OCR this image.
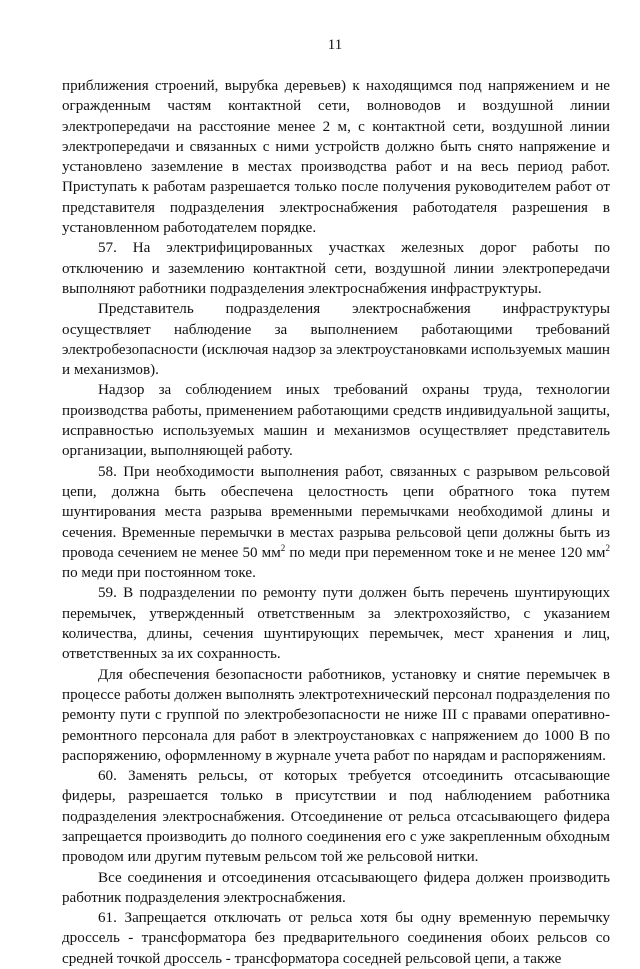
11

приближения строений, вырубка деревьев) к находящимся под напряжением и не огражденным частям контактной сети, волноводов и воздушной линии электропередачи на расстояние менее 2 м, с контактной сети, воздушной линии электропередачи и связанных с ними устройств должно быть снято напряжение и установлено заземление в местах производства работ и на весь период работ. Приступать к работам разрешается только после получения руководителем работ от представителя подразделения электроснабжения работодателя разрешения в установленном работодателем порядке.

57. На электрифицированных участках железных дорог работы по отключению и заземлению контактной сети, воздушной линии электропередачи выполняют работники подразделения электроснабжения инфраструктуры.

Представитель подразделения электроснабжения инфраструктуры осуществляет наблюдение за выполнением работающими требований электробезопасности (исключая надзор за электроустановками используемых машин и механизмов).

Надзор за соблюдением иных требований охраны труда, технологии производства работы, применением работающими средств индивидуальной защиты, исправностью используемых машин и механизмов осуществляет представитель организации, выполняющей работу.

58. При необходимости выполнения работ, связанных с разрывом рельсовой цепи, должна быть обеспечена целостность цепи обратного тока путем шунтирования места разрыва временными перемычками необходимой длины и сечения. Временные перемычки в местах разрыва рельсовой цепи должны быть из провода сечением не менее 50 $мм^2$ по меди при переменном токе и не менее 120 $мм^2$ по меди при постоянном токе.

59. В подразделении по ремонту пути должен быть перечень шунтирующих перемычек, утвержденный ответственным за электрохозяйство, с указанием количества, длины, сечения шунтирующих перемычек, мест хранения и лиц, ответственных за их сохранность.

Для обеспечения безопасности работников, установку и снятие перемычек в процессе работы должен выполнять электротехнический персонал подразделения по ремонту пути с группой по электробезопасности не ниже III с правами оперативно-ремонтного персонала для работ в электроустановках с напряжением до 1000 В по распоряжению, оформленному в журнале учета работ по нарядам и распоряжениям.

60. Заменять рельсы, от которых требуется отсоединить отсасывающие фидеры, разрешается только в присутствии и под наблюдением работника подразделения электроснабжения. Отсоединение от рельса отсасывающего фидера запрещается производить до полного соединения его с уже закрепленным обходным проводом или другим путевым рельсом той же рельсовой нитки.

Все соединения и отсоединения отсасывающего фидера должен производить работник подразделения электроснабжения.

61. Запрещается отключать от рельса хотя бы одну временную перемычку дроссель - трансформатора без предварительного соединения обоих рельсов со средней точкой дроссель - трансформатора соседней рельсовой цепи, а также
